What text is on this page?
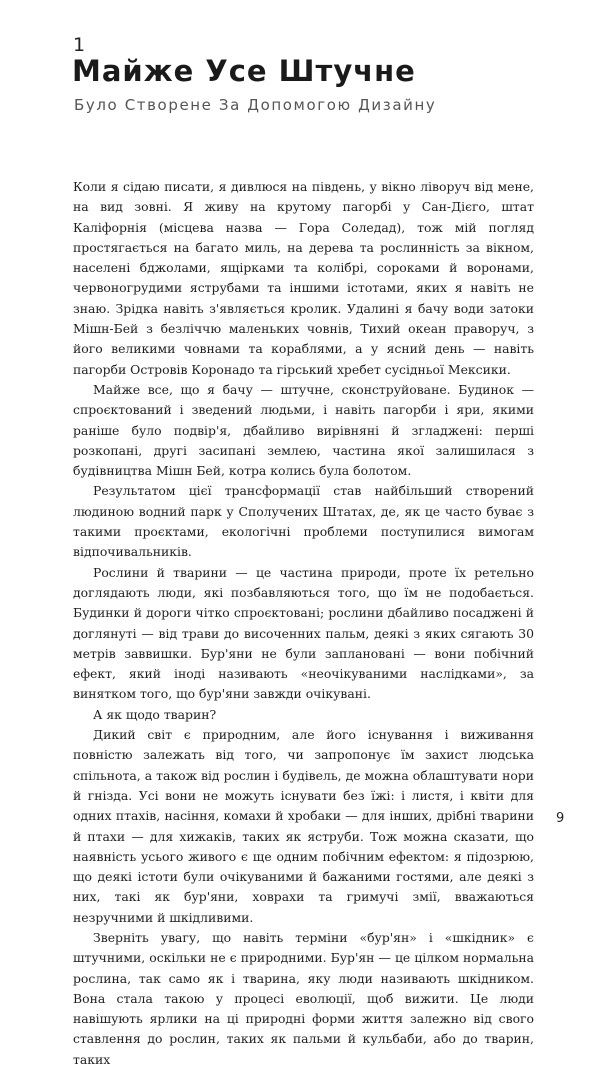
1
Майже Усе Штучне
Було Створене За Допомогою Дизайну

Коли я сідаю писати, я дивлюся на південь, у вікно ліворуч від мене, на вид зовні. Я живу на крутому пагорбі у Сан-Дієго, штат Каліфорнія (місцева назва — Гора Соледад), тож мій погляд простягається на багато миль, на дерева та рослинність за вікном, населені бджолами, ящірками та колібрі, сороками й воронами, червоногрудими яструбами та іншими істотами, яких я навіть не знаю. Зрідка навіть з'являється кролик. Удалині я бачу води затоки Мішн-Бей з безліччю маленьких човнів, Тихий океан праворуч, з його великими човнами та кораблями, а у ясний день — навіть пагорби Островів Коронадо та гірський хребет сусідньої Мексики.

Майже все, що я бачу — штучне, сконструйоване. Будинок — спроєктований і зведений людьми, і навіть пагорби і яри, якими раніше було подвір'я, дбайливо вирівняні й згладжені: перші розкопані, другі засипані землею, частина якої залишилася з будівництва Мішн Бей, котра колись була болотом.

Результатом цієї трансформації став найбільший створений людиною водний парк у Сполучених Штатах, де, як це часто буває з такими проєктами, екологічні проблеми поступилися вимогам відпочивальників.

Рослини й тварини — це частина природи, проте їх ретельно доглядають люди, які позбавляються того, що їм не подобається. Будинки й дороги чітко спроєктовані; рослини дбайливо посаджені й доглянуті — від трави до височенних пальм, деякі з яких сягають 30 метрів заввишки. Бур'яни не були заплановані — вони побічний ефект, який іноді називають «неочікуваними наслідками», за винятком того, що бур'яни завжди очікувані.

А як щодо тварин?

Дикий світ є природним, але його існування і виживання повністю залежать від того, чи запропонує їм захист людська спільнота, а також від рослин і будівель, де можна облаштувати нори й гнізда. Усі вони не можуть існувати без їжі: і листя, і квіти для одних птахів, насіння, комахи й хробаки — для інших, дрібні тварини й птахи — для хижаків, таких як яструби. Тож можна сказати, що наявність усього живого є ще одним побічним ефектом: я підозрюю, що деякі істоти були очікуваними й бажаними гостями, але деякі з них, такі як бур'яни, ховрахи та гримучі змії, вважаються незручними й шкідливими.

Зверніть увагу, що навіть терміни «бур'ян» і «шкідник» є штучними, оскільки не є природними. Бур'ян — це цілком нормальна рослина, так само як і тварина, яку люди називають шкідником. Вона стала такою у процесі еволюції, щоб вижити. Це люди навішують ярлики на ці природні форми життя залежно від свого ставлення до рослин, таких як пальми й кульбаби, або до тварин, таких

9
